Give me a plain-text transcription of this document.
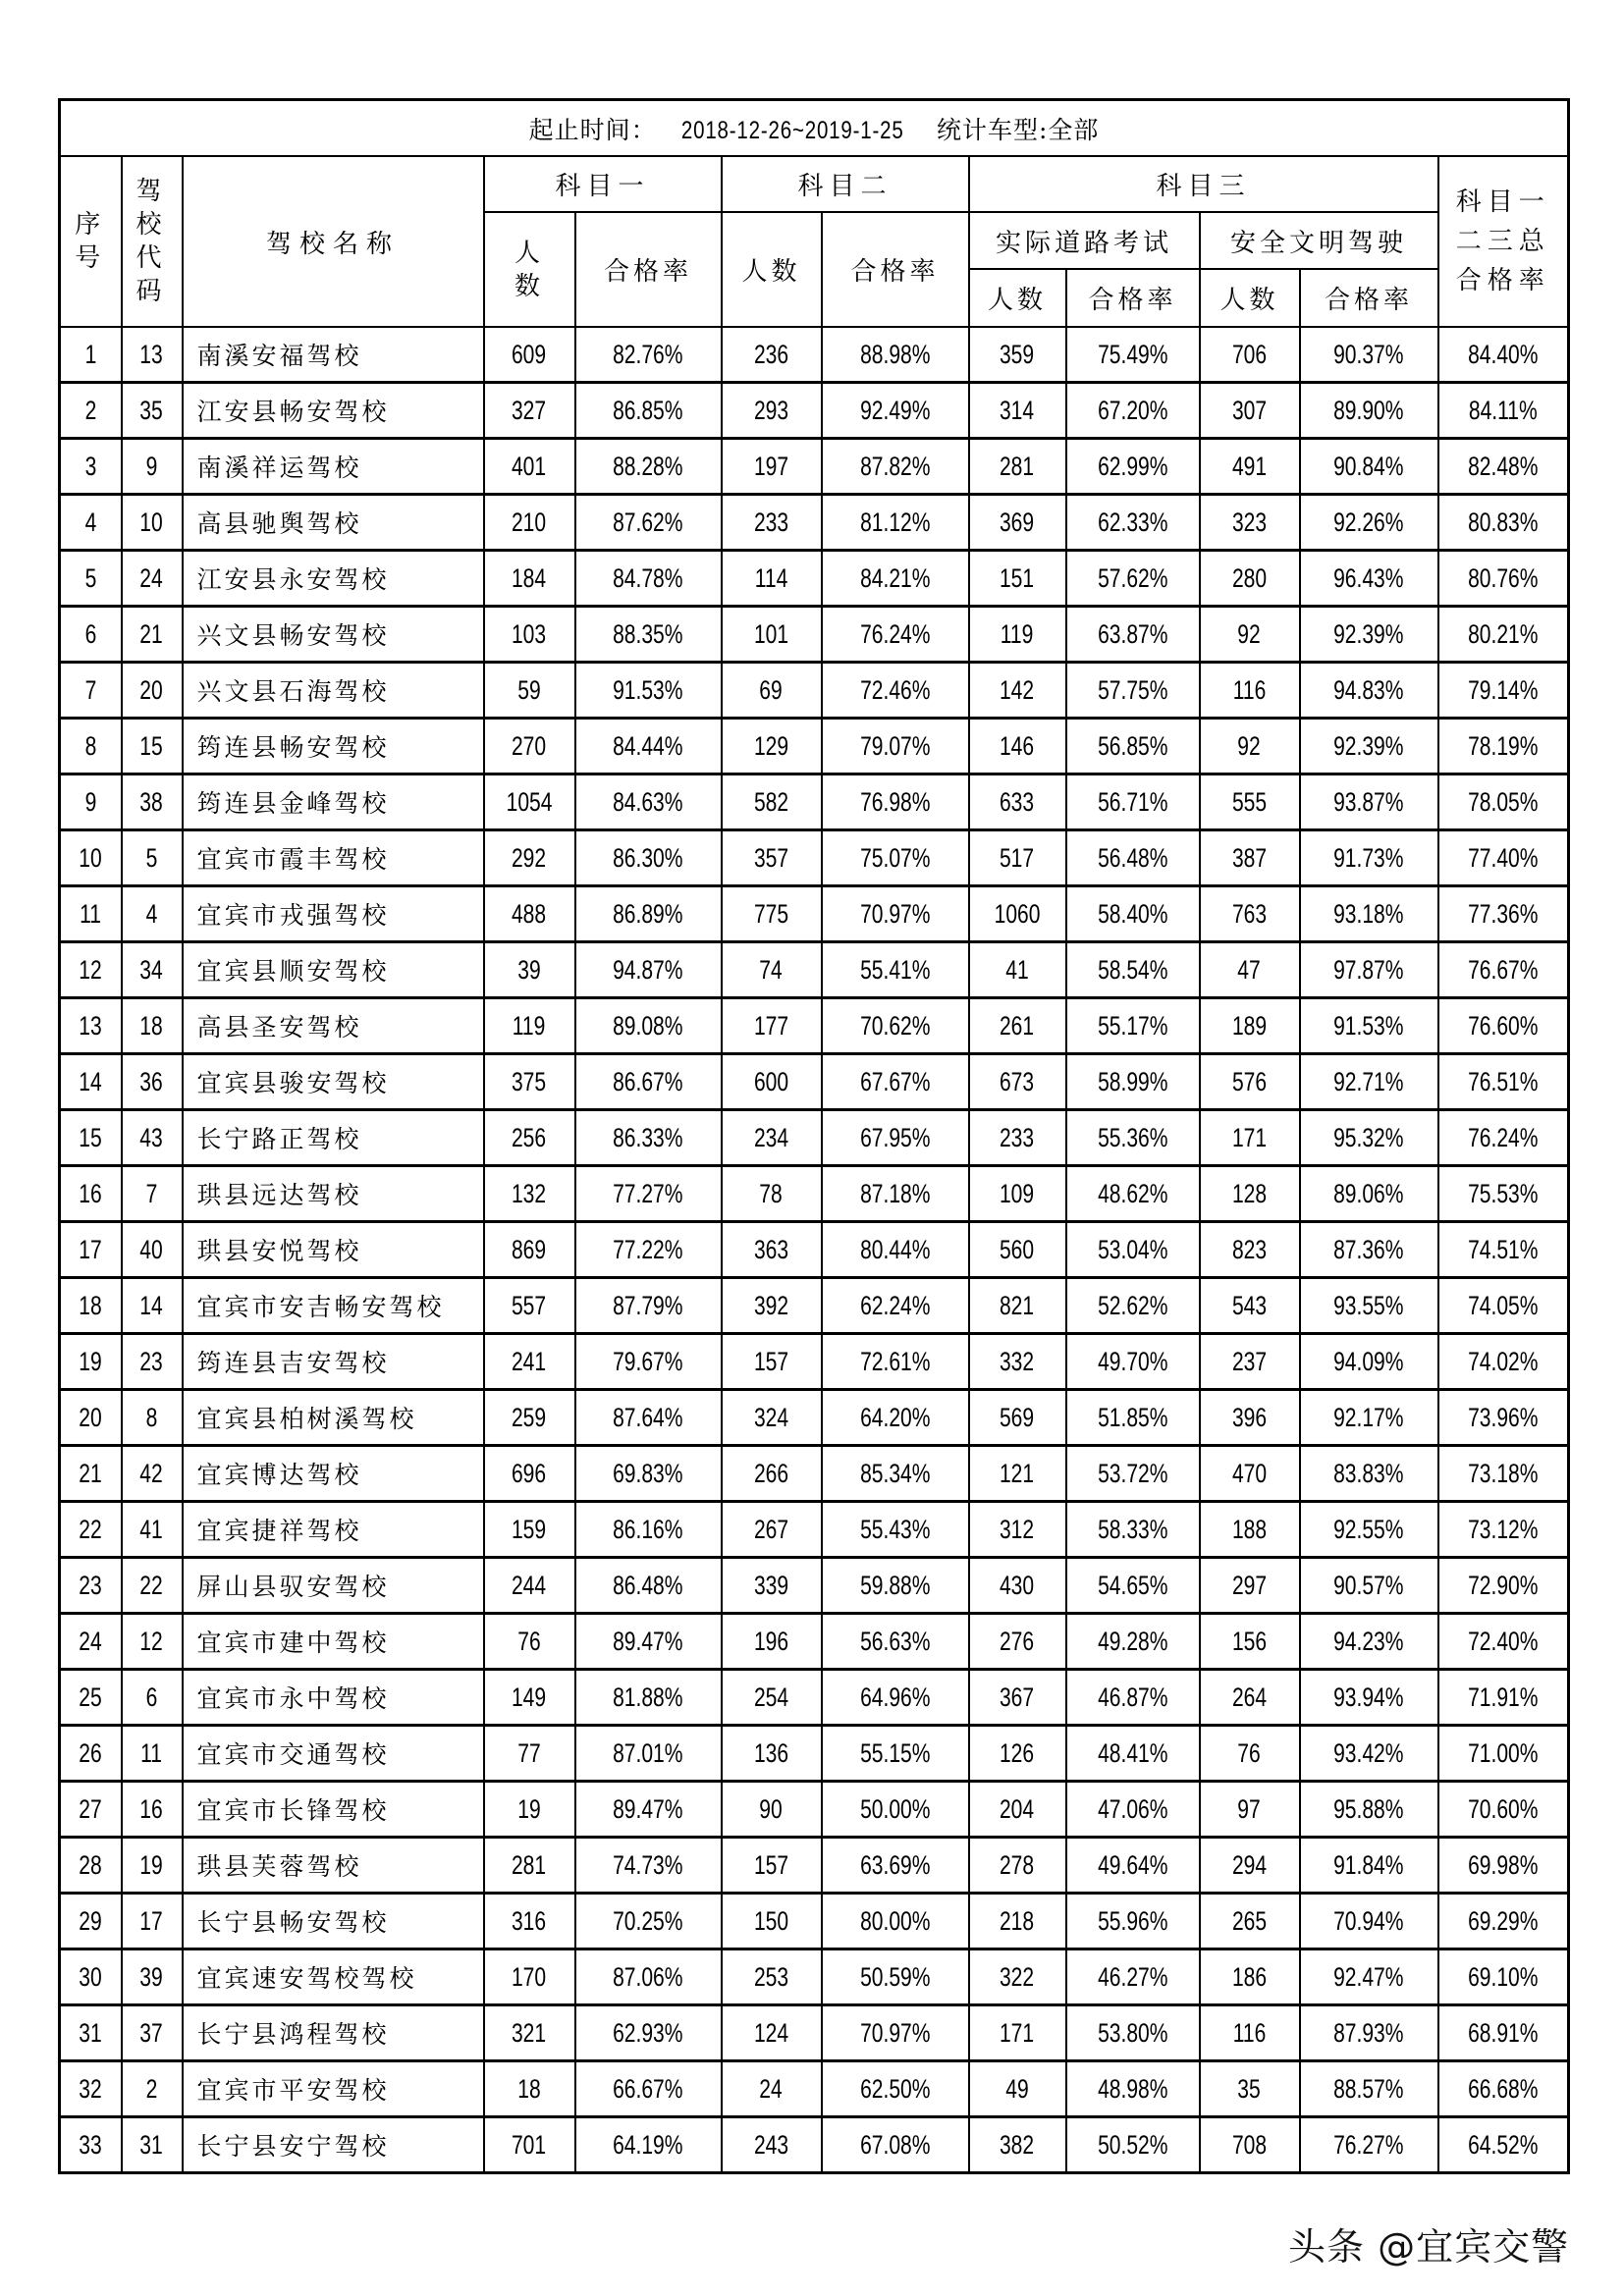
起止时间： 2018-12-26~2019-1-25 统计车型:全部											

序
号	驾
校
代
码	驾校名称	科目一		科目二		科目三				科目一
二三总
合格率

			人
数	合格率	人数	合格率	实际道路考试		安全文明驾驶		
							人数	合格率	人数	合格率	
1	13	南溪安福驾校	609	82.76%	236	88.98%	359	75.49%	706	90.37%	84.40%
2	35	江安县畅安驾校	327	86.85%	293	92.49%	314	67.20%	307	89.90%	84.11%
3	9	南溪祥运驾校	401	88.28%	197	87.82%	281	62.99%	491	90.84%	82.48%
4	10	高县驰舆驾校	210	87.62%	233	81.12%	369	62.33%	323	92.26%	80.83%
5	24	江安县永安驾校	184	84.78%	114	84.21%	151	57.62%	280	96.43%	80.76%
6	21	兴文县畅安驾校	103	88.35%	101	76.24%	119	63.87%	92	92.39%	80.21%
7	20	兴文县石海驾校	59	91.53%	69	72.46%	142	57.75%	116	94.83%	79.14%
8	15	筠连县畅安驾校	270	84.44%	129	79.07%	146	56.85%	92	92.39%	78.19%
9	38	筠连县金峰驾校	1054	84.63%	582	76.98%	633	56.71%	555	93.87%	78.05%
10	5	宜宾市霞丰驾校	292	86.30%	357	75.07%	517	56.48%	387	91.73%	77.40%
11	4	宜宾市戎强驾校	488	86.89%	775	70.97%	1060	58.40%	763	93.18%	77.36%
12	34	宜宾县顺安驾校	39	94.87%	74	55.41%	41	58.54%	47	97.87%	76.67%
13	18	高县圣安驾校	119	89.08%	177	70.62%	261	55.17%	189	91.53%	76.60%
14	36	宜宾县骏安驾校	375	86.67%	600	67.67%	673	58.99%	576	92.71%	76.51%
15	43	长宁路正驾校	256	86.33%	234	67.95%	233	55.36%	171	95.32%	76.24%
16	7	珙县远达驾校	132	77.27%	78	87.18%	109	48.62%	128	89.06%	75.53%
17	40	珙县安悦驾校	869	77.22%	363	80.44%	560	53.04%	823	87.36%	74.51%
18	14	宜宾市安吉畅安驾校	557	87.79%	392	62.24%	821	52.62%	543	93.55%	74.05%
19	23	筠连县吉安驾校	241	79.67%	157	72.61%	332	49.70%	237	94.09%	74.02%
20	8	宜宾县柏树溪驾校	259	87.64%	324	64.20%	569	51.85%	396	92.17%	73.96%
21	42	宜宾博达驾校	696	69.83%	266	85.34%	121	53.72%	470	83.83%	73.18%
22	41	宜宾捷祥驾校	159	86.16%	267	55.43%	312	58.33%	188	92.55%	73.12%
23	22	屏山县驭安驾校	244	86.48%	339	59.88%	430	54.65%	297	90.57%	72.90%
24	12	宜宾市建中驾校	76	89.47%	196	56.63%	276	49.28%	156	94.23%	72.40%
25	6	宜宾市永中驾校	149	81.88%	254	64.96%	367	46.87%	264	93.94%	71.91%
26	11	宜宾市交通驾校	77	87.01%	136	55.15%	126	48.41%	76	93.42%	71.00%
27	16	宜宾市长锋驾校	19	89.47%	90	50.00%	204	47.06%	97	95.88%	70.60%
28	19	珙县芙蓉驾校	281	74.73%	157	63.69%	278	49.64%	294	91.84%	69.98%
29	17	长宁县畅安驾校	316	70.25%	150	80.00%	218	55.96%	265	70.94%	69.29%
30	39	宜宾速安驾校驾校	170	87.06%	253	50.59%	322	46.27%	186	92.47%	69.10%
31	37	长宁县鸿程驾校	321	62.93%	124	70.97%	171	53.80%	116	87.93%	68.91%
32	2	宜宾市平安驾校	18	66.67%	24	62.50%	49	48.98%	35	88.57%	66.68%
33	31	长宁县安宁驾校	701	64.19%	243	67.08%	382	50.52%	708	76.27%	64.52%
头条 @宜宾交警
